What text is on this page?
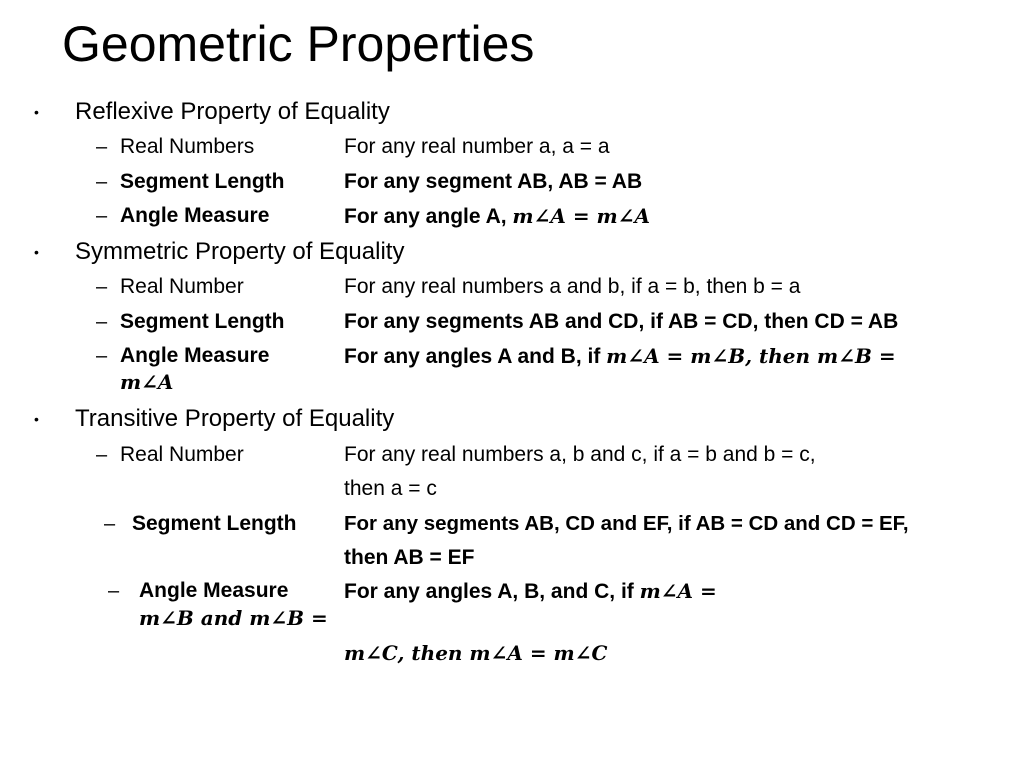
Geometric Properties
• Reflexive Property of Equality
– Real Numbers	For any real number a, a = a
– Segment Length	For any segment AB, AB = AB
– Angle Measure	For any angle A, m∠A = m∠A
• Symmetric Property of Equality
– Real Number	For any real numbers a and b, if a = b, then b = a
– Segment Length	For any segments AB and CD, if AB = CD, then CD = AB
– Angle Measure	For any angles A and B, if m∠A = m∠B, then m∠B =
m∠A
• Transitive Property of Equality
– Real Number	For any real numbers a, b and c, if a = b and b = c,
then a = c
– Segment Length For any segments AB, CD and EF, if AB = CD and CD = EF,
then AB = EF
– Angle Measure	For any angles A, B, and C, if m∠A =
m∠B and m∠B =
m∠C, then m∠A = m∠C
